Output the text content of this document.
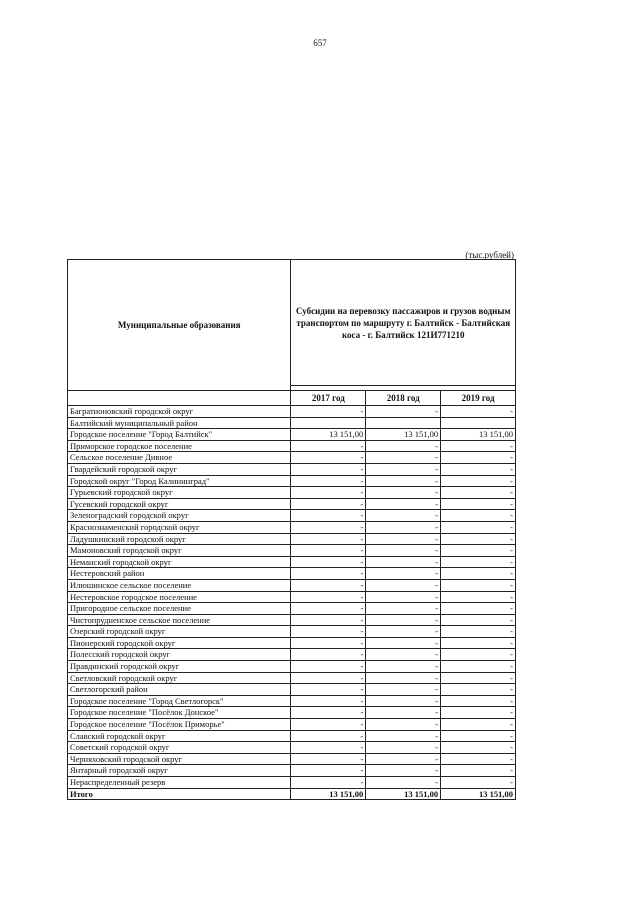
657
(тыс.рублей)
Муниципальные образования	Субсидии на перевозку пассажиров и грузов водным транспортом по маршруту г. Балтийск - Балтийская коса - г. Балтийск 121И771210		

	2017 год	2018 год	2019 год
Багратионовский городской округ	-	-	-
Балтийский муниципальный район			
Городское поселение "Город Балтийск"	13 151,00	13 151,00	13 151,00
Приморское городское поселение	-	-	-
Сельское поселение Дивное	-	-	-
Гвардейский городской округ	-	-	-
Городской округ "Город Калининград"	-	-	-
Гурьевский городской округ	-	-	-
Гусевский городской округ	-	-	-
Зеленоградский городской округ	-	-	-
Краснознаменский городской округ	-	-	-
Ладушкинский городской округ	-	-	-
Мамоновский городской округ	-	-	-
Неманский городской округ	-	-	-
Нестеровский район	-	-	-
Илюшинское сельское поселение	-	-	-
Нестеровское городское поселение	-	-	-
Пригородное сельское поселение	-	-	-
Чистопрудненское сельское поселение	-	-	-
Озерский городской округ	-	-	-
Пионерский городской округ	-	-	-
Полесский городской округ	-	-	-
Правдинский городской округ	-	-	-
Светловский городской округ	-	-	-
Светлогорский район	-	-	-
Городское поселение "Город Светлогорск"	-	-	-
Городское поселение "Посёлок Донское"	-	-	-
Городское поселение "Посёлок Приморье"	-	-	-
Славский городской округ	-	-	-
Советский городской округ	-	-	-
Черняховский городской округ	-	-	-
Янтарный городской округ	-	-	-
Нераспределенный резерв	-	-	-
Итого	13 151,00	13 151,00	13 151,00
